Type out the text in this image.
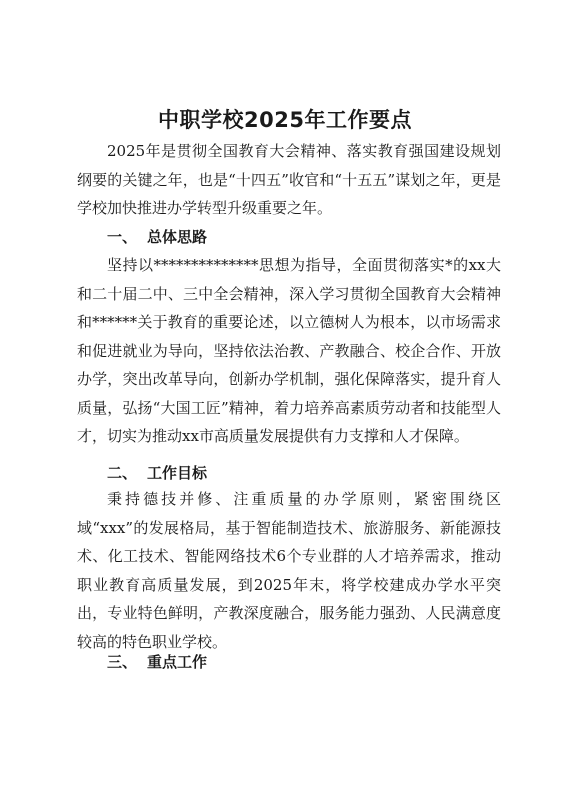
中职学校2025年工作要点

2025年是贯彻全国教育大会精神、落实教育强国建设规划纲要的关键之年，也是“十四五”收官和“十五五”谋划之年，更是学校加快推进办学转型升级重要之年。

一、 总体思路

坚持以**************思想为指导，全面贯彻落实*的xx大和二十届二中、三中全会精神，深入学习贯彻全国教育大会精神和******关于教育的重要论述，以立德树人为根本，以市场需求和促进就业为导向，坚持依法治教、产教融合、校企合作、开放办学，突出改革导向，创新办学机制，强化保障落实，提升育人质量，弘扬“大国工匠”精神，着力培养高素质劳动者和技能型人才，切实为推动xx市高质量发展提供有力支撑和人才保障。

二、 工作目标

秉持德技并修、注重质量的办学原则，紧密围绕区域“xxx”的发展格局，基于智能制造技术、旅游服务、新能源技术、化工技术、智能网络技术6个专业群的人才培养需求，推动职业教育高质量发展，到2025年末，将学校建成办学水平突出，专业特色鲜明，产教深度融合，服务能力强劲、人民满意度较高的特色职业学校。

三、 重点工作
